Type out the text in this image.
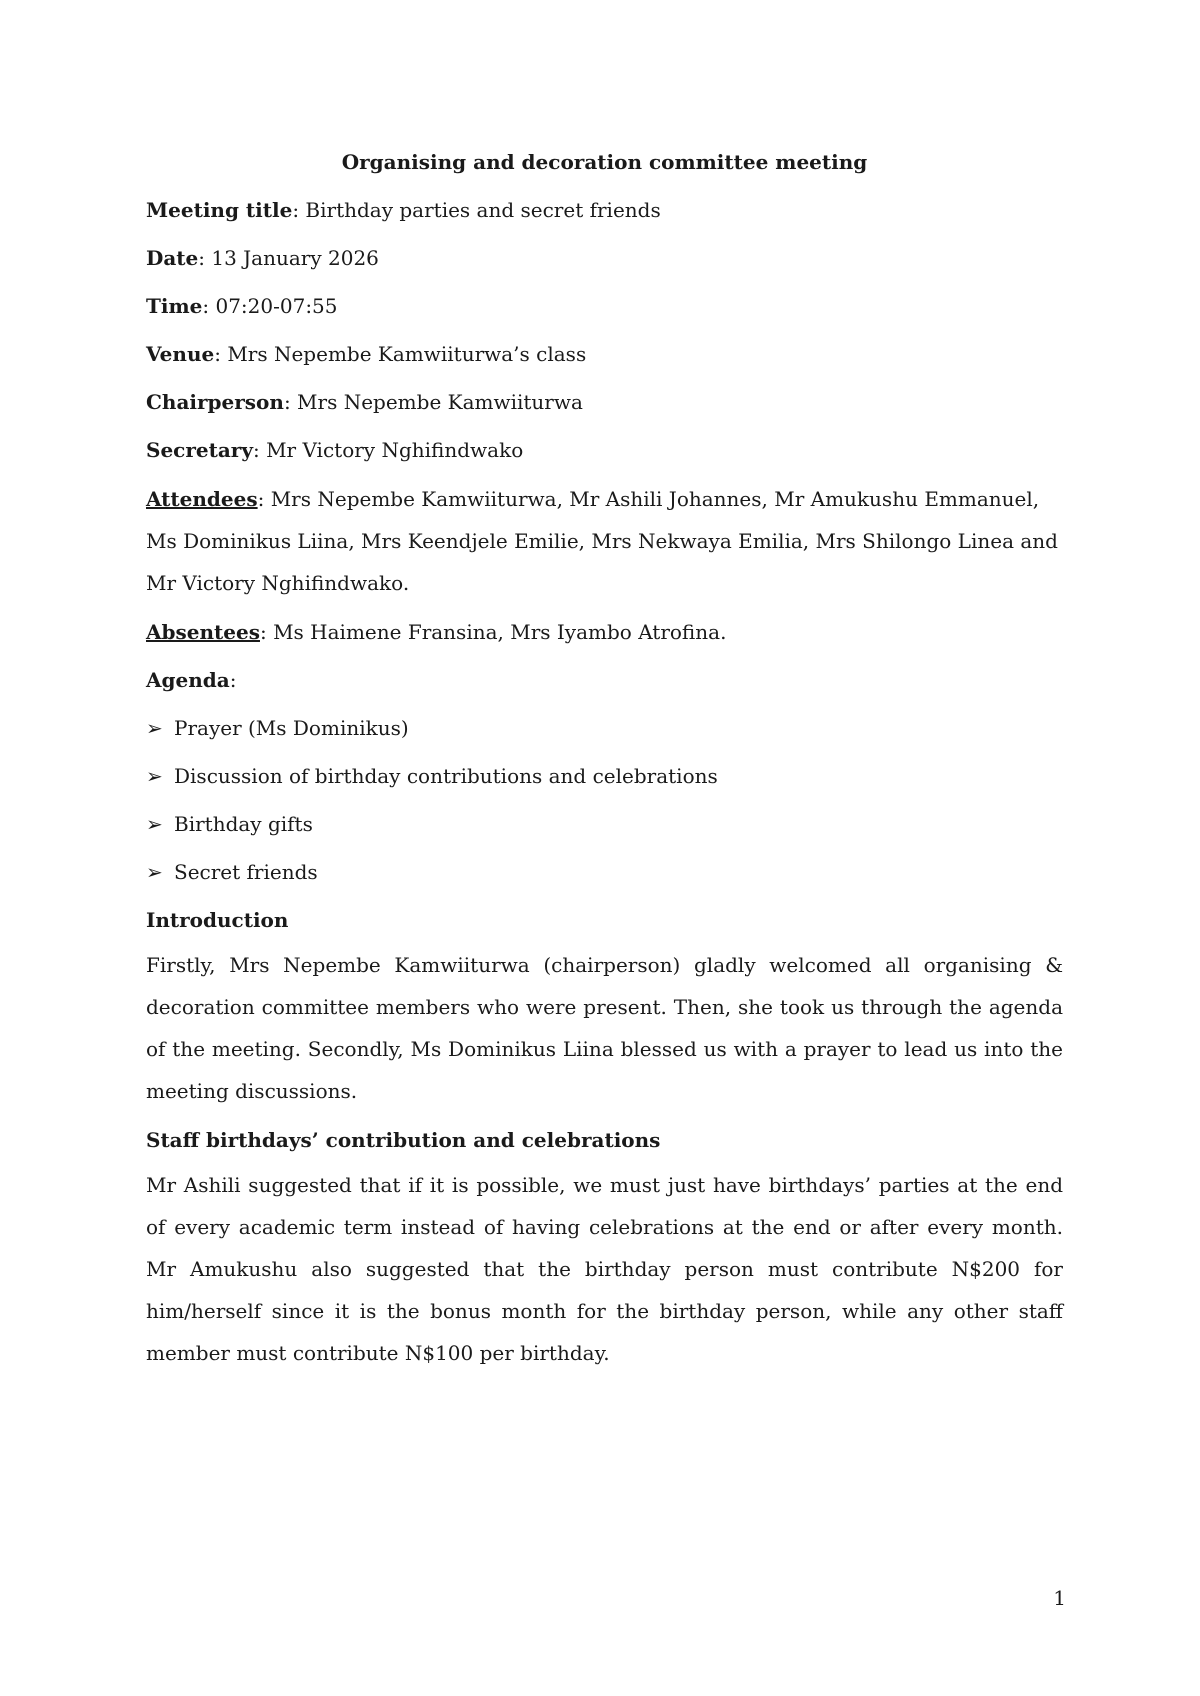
Organising and decoration committee meeting
Meeting title: Birthday parties and secret friends
Date: 13 January 2026
Time: 07:20-07:55
Venue: Mrs Nepembe Kamwiiturwa’s class
Chairperson: Mrs Nepembe Kamwiiturwa
Secretary: Mr Victory Nghifindwako
Attendees: Mrs Nepembe Kamwiiturwa, Mr Ashili Johannes, Mr Amukushu Emmanuel, Ms Dominikus Liina, Mrs Keendjele Emilie, Mrs Nekwaya Emilia, Mrs Shilongo Linea and Mr Victory Nghifindwako.
Absentees: Ms Haimene Fransina, Mrs Iyambo Atrofina.
Agenda:
➢ Prayer (Ms Dominikus)
➢ Discussion of birthday contributions and celebrations
➢ Birthday gifts
➢ Secret friends
Introduction
Firstly, Mrs Nepembe Kamwiiturwa (chairperson) gladly welcomed all organising & decoration committee members who were present. Then, she took us through the agenda of the meeting. Secondly, Ms Dominikus Liina blessed us with a prayer to lead us into the meeting discussions.
Staff birthdays’ contribution and celebrations
Mr Ashili suggested that if it is possible, we must just have birthdays’ parties at the end of every academic term instead of having celebrations at the end or after every month. Mr Amukushu also suggested that the birthday person must contribute N$200 for him/herself since it is the bonus month for the birthday person, while any other staff member must contribute N$100 per birthday.
1
